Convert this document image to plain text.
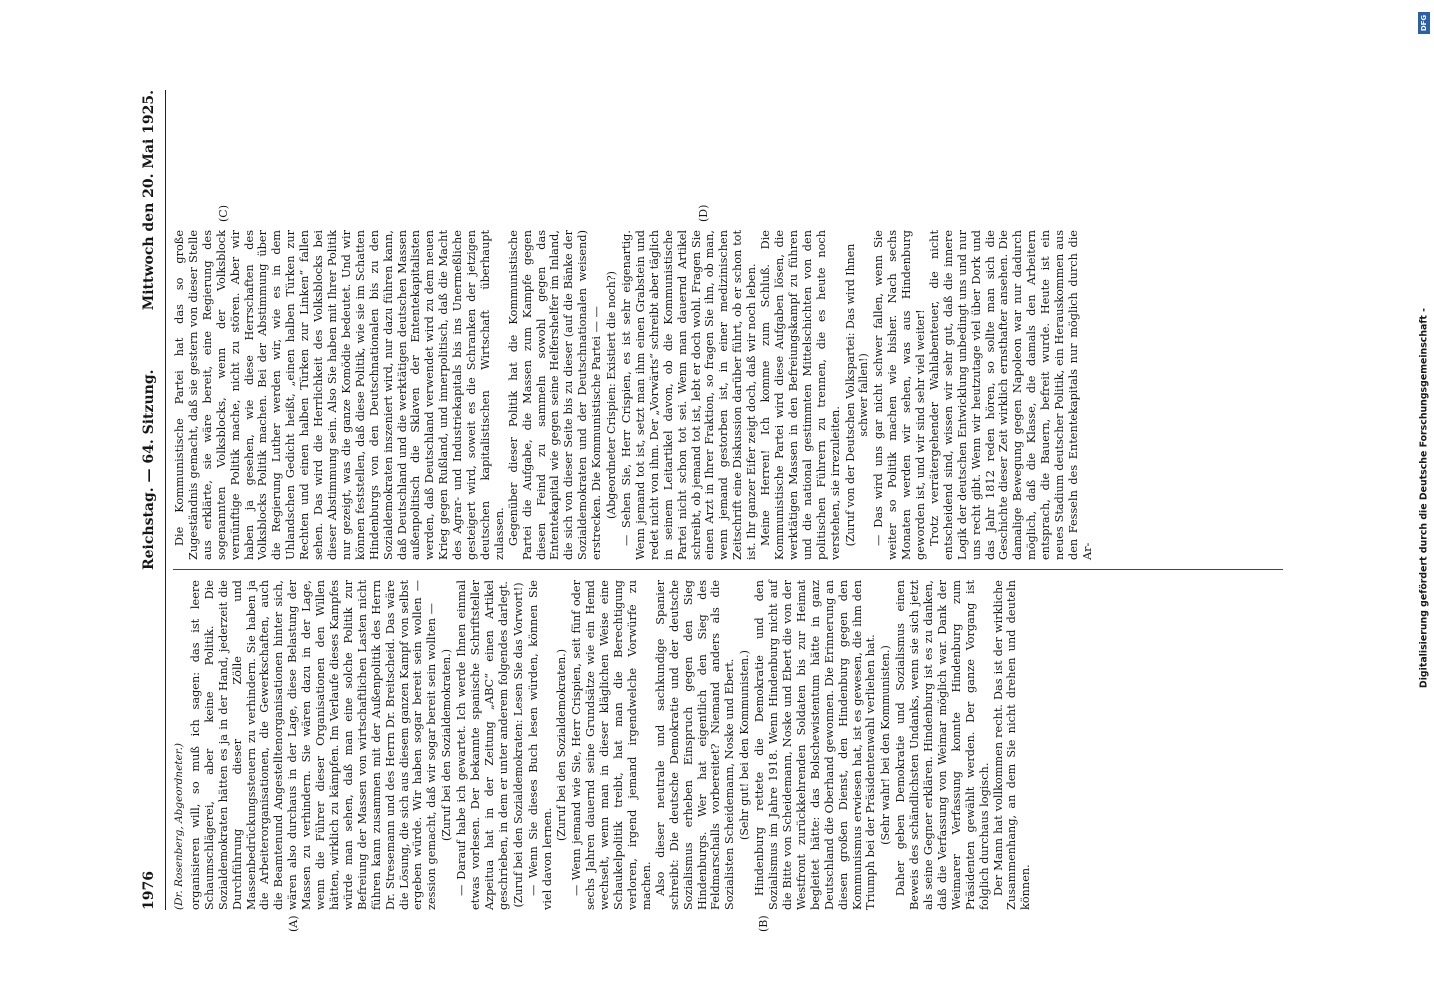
1976
Reichstag. — 64. Sitzung.
Mittwoch den 20. Mai 1925.
(A)	(B)
(C)	(D)
(Dr. Rosenberg, Abgeordneter.) organisieren will, so muß ich sagen: das ist leere Schaumschlägerei, aber keine Politik. Die Sozialdemokraten hätten es ja in der Hand, jederzeit die Durchführung dieser Zölle und Massenbedrückungssteuern zu verhindern. Sie haben ja die Arbeiterorganisationen, die Gewerkschaften, auch die Beamtenund Angestelltenorganisationen hinter sich, wären also durchaus in der Lage, diese Belastung der Massen zu verhindern. Sie wären dazu in der Lage, wenn die Führer dieser Organisationen den Willen hätten, wirklich zu kämpfen. Im Verlaufe dieses Kampfes würde man sehen, daß man eine solche Politik zur Befreiung der Massen von wirtschaftlichen Lasten nicht führen kann zusammen mit der Außenpolitik des Herrn Dr. Stresemann und des Herrn Dr. Breitscheid. Das wäre die Lösung, die sich aus diesem ganzen Kampf von selbst ergeben würde. Wir haben sogar bereit sein wollen — zession gemacht, daß wir sogar bereit sein wollten — (Zuruf bei den Sozialdemokraten.) — Darauf habe ich gewartet. Ich werde Ihnen einmal etwas vorlesen. Der bekannte spanische Schriftsteller Azpeitua hat in der Zeitung „ABC“ einen Artikel geschrieben, in dem er unter anderem folgendes darlegt. (Zuruf bei den Sozialdemokraten: Lesen Sie das Vorwort!) — Wenn Sie dieses Buch lesen würden, können Sie viel davon lernen.

(Zuruf bei den Sozialdemokraten.) — Wenn jemand wie Sie, Herr Crispien, seit fünf oder sechs Jahren dauernd seine Grundsätze wie ein Hemd wechselt, wenn man in dieser kläglichen Weise eine Schaukelpolitik treibt, hat man die Berechtigung verloren, irgend jemand irgendwelche Vorwürfe zu machen. Also dieser neutrale und sachkundige Spanier schreibt: Die deutsche Demokratie und der deutsche Sozialismus erheben Einspruch gegen den Sieg Hindenburgs. Wer hat eigentlich den Sieg des Feldmarschalls vorbereitet? Niemand anders als die Sozialisten Scheidemann, Noske und Ebert. (Sehr gut! bei den Kommunisten.) Hindenburg rettete die Demokratie und den Sozialismus im Jahre 1918. Wenn Hindenburg nicht auf die Bitte von Scheidemann, Noske und Ebert die von der Westfront zurückkehrenden Soldaten bis zur Heimat begleitet hätte: das Bolschewistentum hätte in ganz Deutschland die Oberhand gewonnen. Die Erinnerung an diesen großen Dienst, den Hindenburg gegen den Kommunismus erwiesen hat, ist es gewesen, die ihm den Triumph bei der Präsidentenwahl verliehen hat. (Sehr wahr! bei den Kommunisten.) Daher geben Demokratie und Sozialismus einen Beweis des schändlichsten Undanks, wenn sie sich jetzt als seine Gegner erklären. Hindenburg ist es zu danken, daß die Verfassung von Weimar möglich war. Dank der Weimarer Verfassung konnte Hindenburg zum Präsidenten gewählt werden. Der ganze Vorgang ist folglich durchaus logisch. Der Mann hat vollkommen recht. Das ist der wirkliche Zusammenhang, an dem Sie nicht drehen und deuteln können.

Die Kommunistische Partei hat das so große Zugeständnis gemacht, daß sie gestern von dieser Stelle aus erklärte, sie wäre bereit, eine Regierung des sogenannten Volksblocks, wenn der Volksblock vernünftige Politik mache, nicht zu stören. Aber wir haben ja gesehen, wie diese Herrschaften des Volksblocks Politik machen. Bei der Abstimmung über die Regierung Luther werden wir, wie es in dem Uhlandschen Gedicht heißt, „einen halben Türken zur Rechten und einen halben Türken zur Linken“ fallen sehen. Das wird die Herrlichkeit des Volksblocks bei dieser Abstimmung sein. Also Sie haben mit Ihrer Politik nur gezeigt, was die ganze Komödie bedeutet. Und wir können feststellen, daß diese Politik, wie sie im Schatten Hindenburgs von den Deutschnationalen bis zu den Sozialdemokraten inszeniert wird, nur dazu führen kann, daß Deutschland und die werktätigen deutschen Massen außenpolitisch die Sklaven der Ententekapitalisten werden, daß Deutschland verwendet wird zu dem neuen Krieg gegen Rußland, und innerpolitisch, daß die Macht des Agrar- und Industriekapitals bis ins Unermeßliche gesteigert wird, soweit es die Schranken der jetzigen deutschen kapitalistischen Wirtschaft überhaupt zulassen. Gegenüber dieser Politik hat die Kommunistische Partei die Aufgabe, die Massen zum Kampfe gegen diesen Feind zu sammeln sowohl gegen das Ententekapital wie gegen seine Helfershelfer im Inland, die sich von dieser Seite bis zu dieser (auf die Bänke der Sozialdemokraten und der Deutschnationalen weisend) erstrecken. Die Kommunistische Partei — — (Abgeordneter Crispien: Existiert die noch?) — Sehen Sie, Herr Crispien, es ist sehr eigenartig. Wenn jemand tot ist, setzt man ihm einen Grabstein und redet nicht von ihm. Der „Vorwärts“ schreibt aber täglich in seinem Leitartikel davon, ob die Kommunistische Partei nicht schon tot sei. Wenn man dauernd Artikel schreibt, ob jemand tot ist, lebt er doch wohl. Fragen Sie einen Arzt in Ihrer Fraktion, so fragen Sie ihn, ob man, wenn jemand gestorben ist, in einer medizinischen Zeitschrift eine Diskussion darüber führt, ob er schon tot ist. Ihr ganzer Eifer zeigt doch, daß wir noch leben. Meine Herren! Ich komme zum Schluß. Die Kommunistische Partei wird diese Aufgaben lösen, die werktätigen Massen in den Befreiungskampf zu führen und die national gestimmten Mittelschichten von den politischen Führern zu trennen, die es heute noch verstehen, sie irrezuleiten. (Zuruf von der Deutschen Volkspartei: Das wird Ihnen schwer fallen!) — Das wird uns gar nicht schwer fallen, wenn Sie weiter so Politik machen wie bisher. Nach sechs Monaten werden wir sehen, was aus Hindenburg geworden ist, und wir sind sehr viel weiter! Trotz verrätergehender Wahlabenteuer, die nicht entscheidend sind, wissen wir sehr gut, daß die innere Logik der deutschen Entwicklung unbedingt uns und nur uns recht gibt. Wenn wir heutzutage viel über Dork und das Jahr 1812 reden hören, so sollte man sich die Geschichte dieser Zeit wirklich ernsthafter ansehen. Die damalige Bewegung gegen Napoleon war nur dadurch möglich, daß die Klasse, die damals den Arbeitern entsprach, die Bauern, befreit wurde. Heute ist ein neues Stadium deutscher Politik, ein Herauskommen aus den Fesseln des Ententekapitals nur möglich durch die Ar-

DFG
Digitalisierung gefördert durch die Deutsche Forschungsgemeinschaft -
